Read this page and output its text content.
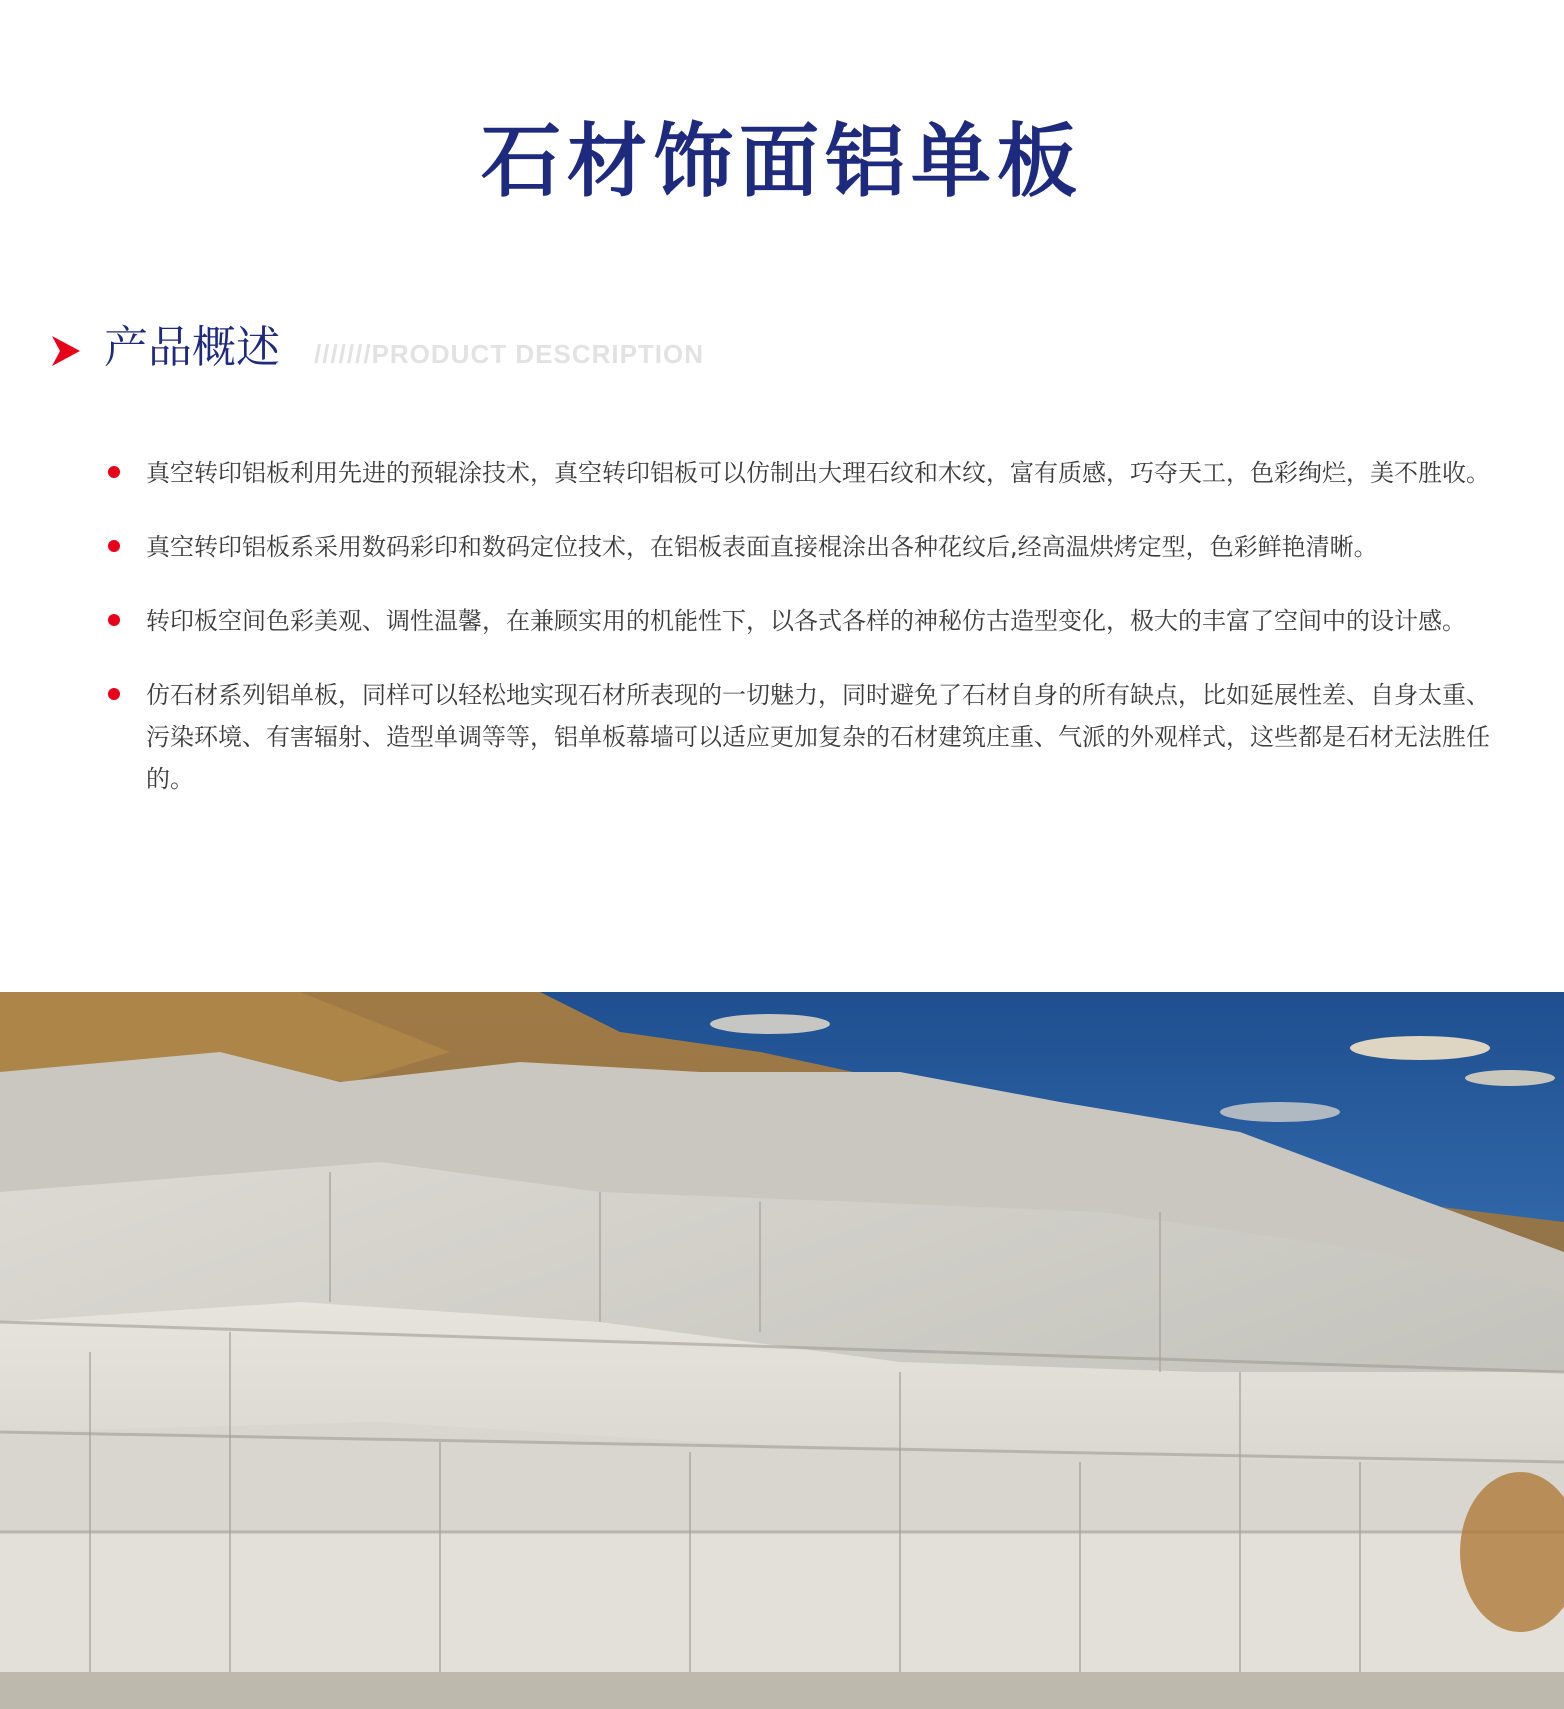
石材饰面铝单板
产品概述 ///////PRODUCT DESCRIPTION
真空转印铝板利用先进的预辊涂技术，真空转印铝板可以仿制出大理石纹和木纹，富有质感，巧夺天工，色彩绚烂，美不胜收。
真空转印铝板系采用数码彩印和数码定位技术，在铝板表面直接棍涂出各种花纹后,经高温烘烤定型，色彩鲜艳清晰。
转印板空间色彩美观、调性温馨，在兼顾实用的机能性下，以各式各样的神秘仿古造型变化，极大的丰富了空间中的设计感。
仿石材系列铝单板，同样可以轻松地实现石材所表现的一切魅力，同时避免了石材自身的所有缺点，比如延展性差、自身太重、污染环境、有害辐射、造型单调等等，铝单板幕墙可以适应更加复杂的石材建筑庄重、气派的外观样式，这些都是石材无法胜任的。
